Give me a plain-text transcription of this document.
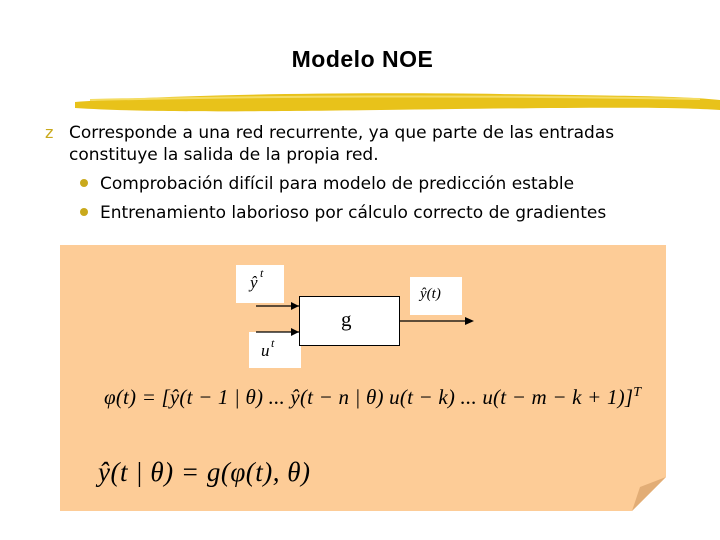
Modelo NOE
z Corresponde a una red recurrente, ya que parte de las entradas constituye la salida de la propia red.
Comprobación difícil para modelo de predicción estable
Entrenamiento laborioso por cálculo correcto de gradientes
ŷ t
u t
ŷ(t)
g
φ(t) = [ŷ(t − 1 | θ) ... ŷ(t − n | θ) u(t − k) ... u(t − m − k + 1)]$^T$
ŷ(t | θ) = g(φ(t), θ)
